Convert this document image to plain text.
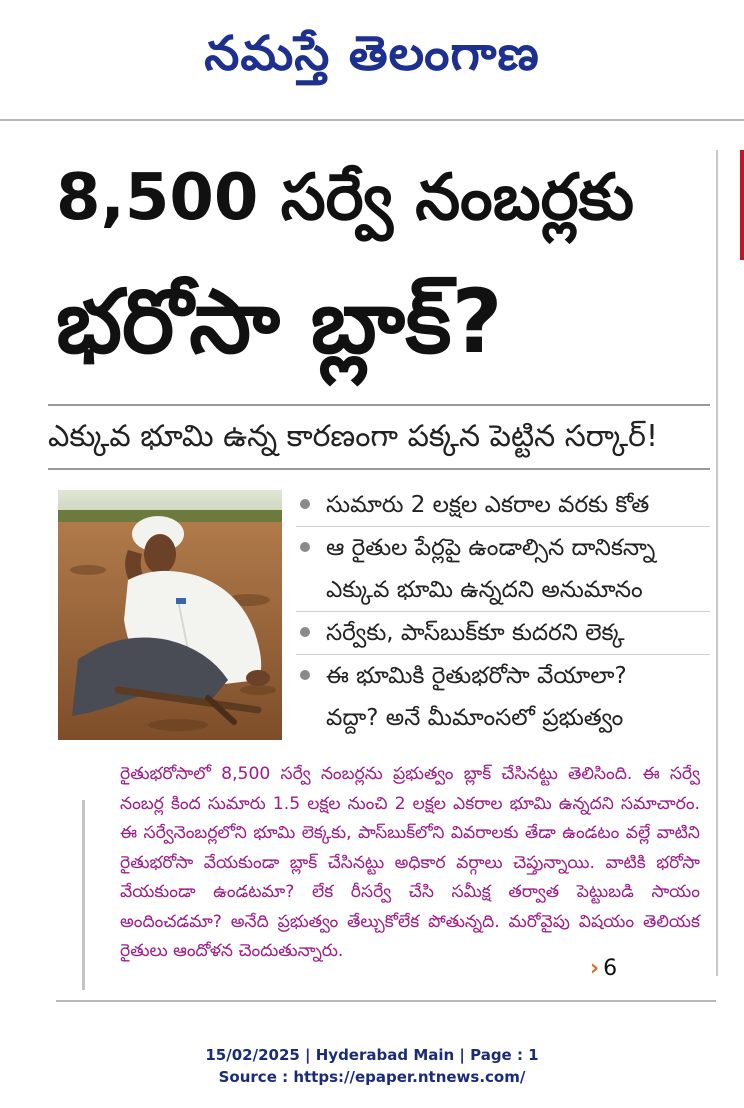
నమస్తే తెలంగాణ
8,500 సర్వే నంబర్లకు
భరోసా బ్లాక్?
ఎక్కువ భూమి ఉన్న కారణంగా పక్కన పెట్టిన సర్కార్!
సుమారు 2 లక్షల ఎకరాల వరకు కోత
ఆ రైతుల పేర్లపై ఉండాల్సిన దానికన్నా
ఎక్కువ భూమి ఉన్నదని అనుమానం
సర్వేకు, పాస్‌బుక్‌కూ కుదరని లెక్క
ఈ భూమికి రైతుభరోసా వేయాలా?
వద్దా? అనే మీమాంసలో ప్రభుత్వం

రైతుభరోసాలో 8,500 సర్వే నంబర్లను ప్రభుత్వం బ్లాక్ చేసినట్టు తెలిసింది. ఈ సర్వే నంబర్ల కింద సుమారు 1.5 లక్షల నుంచి 2 లక్షల ఎకరాల భూమి ఉన్నదని సమాచారం. ఈ సర్వేనెంబర్లలోని భూమి లెక్కకు, పాస్‌బుక్‌లోని వివరాలకు తేడా ఉండటం వల్లే వాటిని రైతుభరోసా వేయకుండా బ్లాక్ చేసినట్టు అధికార వర్గాలు చెప్తున్నాయి. వాటికి భరోసా వేయకుండా ఉండటమా? లేక రీసర్వే చేసి సమీక్ష తర్వాత పెట్టుబడి సాయం అందించడమా? అనేది ప్రభుత్వం తేల్చుకోలేక పోతున్నది. మరోవైపు విషయం తెలియక రైతులు ఆందోళన చెందుతున్నారు.

› 6
15/02/2025 | Hyderabad Main | Page : 1
Source : https://epaper.ntnews.com/
